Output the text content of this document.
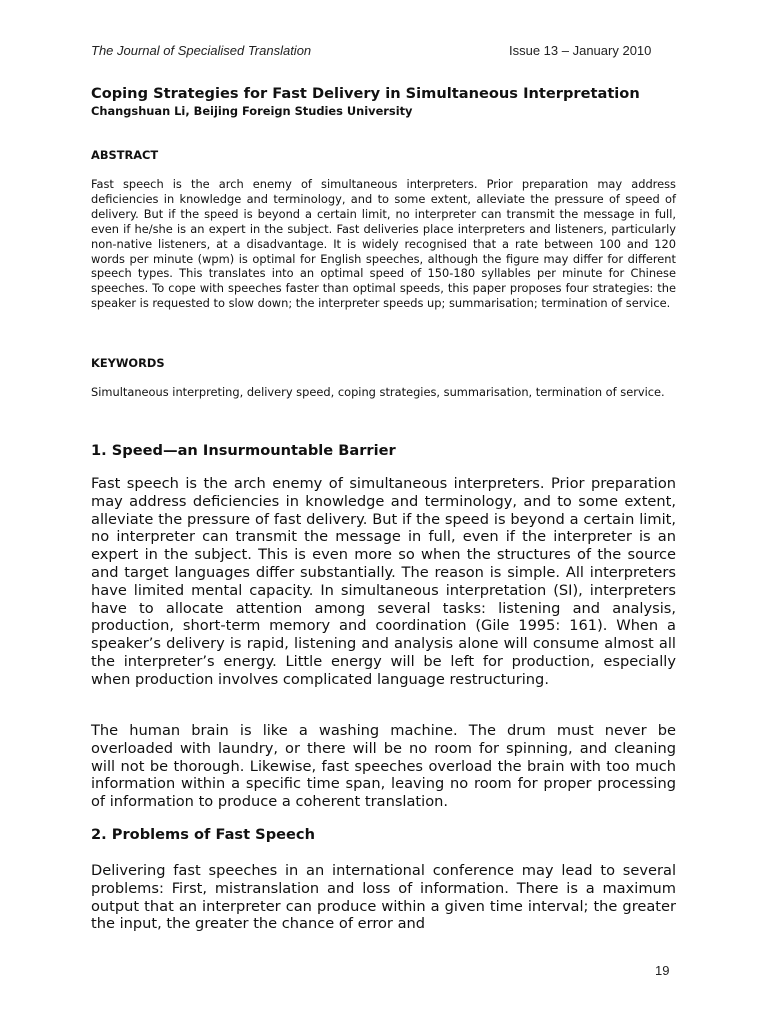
The Journal of Specialised Translation	Issue 13 – January 2010
Coping Strategies for Fast Delivery in Simultaneous Interpretation
Changshuan Li, Beijing Foreign Studies University
ABSTRACT

Fast speech is the arch enemy of simultaneous interpreters. Prior preparation may address deficiencies in knowledge and terminology, and to some extent, alleviate the pressure of speed of delivery. But if the speed is beyond a certain limit, no interpreter can transmit the message in full, even if he/she is an expert in the subject. Fast deliveries place interpreters and listeners, particularly non-native listeners, at a disadvantage. It is widely recognised that a rate between 100 and 120 words per minute (wpm) is optimal for English speeches, although the figure may differ for different speech types. This translates into an optimal speed of 150-180 syllables per minute for Chinese speeches. To cope with speeches faster than optimal speeds, this paper proposes four strategies: the speaker is requested to slow down; the interpreter speeds up; summarisation; termination of service.

KEYWORDS

Simultaneous interpreting, delivery speed, coping strategies, summarisation, termination of service.

1. Speed—an Insurmountable Barrier

Fast speech is the arch enemy of simultaneous interpreters. Prior preparation may address deficiencies in knowledge and terminology, and to some extent, alleviate the pressure of fast delivery. But if the speed is beyond a certain limit, no interpreter can transmit the message in full, even if the interpreter is an expert in the subject. This is even more so when the structures of the source and target languages differ substantially. The reason is simple. All interpreters have limited mental capacity. In simultaneous interpretation (SI), interpreters have to allocate attention among several tasks: listening and analysis, production, short-term memory and coordination (Gile 1995: 161). When a speaker’s delivery is rapid, listening and analysis alone will consume almost all the interpreter’s energy. Little energy will be left for production, especially when production involves complicated language restructuring.

The human brain is like a washing machine. The drum must never be overloaded with laundry, or there will be no room for spinning, and cleaning will not be thorough. Likewise, fast speeches overload the brain with too much information within a specific time span, leaving no room for proper processing of information to produce a coherent translation.

2. Problems of Fast Speech

Delivering fast speeches in an international conference may lead to several problems: First, mistranslation and loss of information. There is a maximum output that an interpreter can produce within a given time interval; the greater the input, the greater the chance of error and

19
